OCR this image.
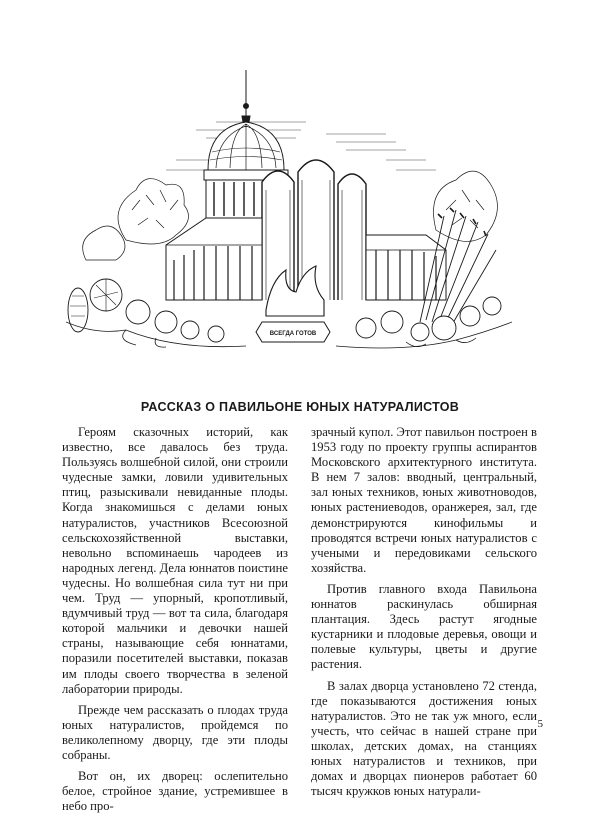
ВСЕГДА ГОТОВ
РАССКАЗ О ПАВИЛЬОНЕ ЮНЫХ НАТУРАЛИСТОВ

Героям сказочных историй, как известно, все давалось без труда. Пользуясь волшебной силой, они строили чудесные замки, ловили удивительных птиц, разыскивали невиданные плоды. Когда знакомишься с делами юных натуралистов, участников Всесоюзной сельскохозяйственной выставки, невольно вспоминаешь чародеев из народных легенд. Дела юннатов поистине чудесны. Но волшебная сила тут ни при чем. Труд — упорный, кропотливый, вдумчивый труд — вот та сила, благодаря которой мальчики и девочки нашей страны, называющие себя юннатами, поразили посетителей выставки, показав им плоды своего творчества в зеленой лаборатории природы.

Прежде чем рассказать о плодах труда юных натуралистов, пройдемся по великолепному дворцу, где эти плоды собраны.

Вот он, их дворец: ослепительно белое, стройное здание, устремившее в небо про-

зрачный купол. Этот павильон построен в 1953 году по проекту группы аспирантов Московского архитектурного института. В нем 7 залов: вводный, центральный, зал юных техников, юных животноводов, юных растениеводов, оранжерея, зал, где демонстрируются кинофильмы и проводятся встречи юных натуралистов с учеными и передовиками сельского хозяйства.

Против главного входа Павильона юннатов раскинулась обширная плантация. Здесь растут ягодные кустарники и плодовые деревья, овощи и полевые культуры, цветы и другие растения.

В залах дворца установлено 72 стенда, где показываются достижения юных натуралистов. Это не так уж много, если учесть, что сейчас в нашей стране при школах, детских домах, на станциях юных натуралистов и техников, при домах и дворцах пионеров работает 60 тысяч кружков юных натурали-

5
